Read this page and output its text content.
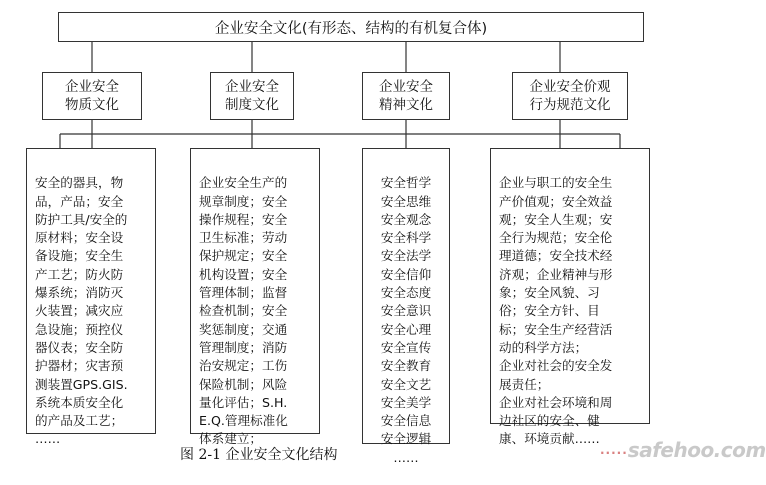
企业安全文化(有形态、结构的有机复合体)
企业安全
物质文化
企业安全
制度文化
企业安全
精神文化
企业安全价观
行为规范文化

安全的器具，物
品，产品；安全
防护工具/安全的
原材料；安全设
备设施；安全生
产工艺；防火防
爆系统；消防灭
火装置；减灾应
急设施；预控仪
器仪表；安全防
护器材；灾害预
测装置GPS.GIS.
系统本质安全化
的产品及工艺；
……

企业安全生产的
规章制度；安全
操作规程；安全
卫生标准；劳动
保护规定；安全
机构设置；安全
管理体制；监督
检查机制；安全
奖惩制度；交通
管理制度；消防
治安规定；工伤
保险机制；风险
量化评估；S.H.
E.Q.管理标准化
体系建立；

安全哲学
安全思维
安全观念
安全科学
安全法学
安全信仰
安全态度
安全意识
安全心理
安全宣传
安全教育
安全文艺
安全美学
安全信息
安全逻辑
……

企业与职工的安全生
产价值观；安全效益
观；安全人生观；安
全行为规范；安全伦
理道德；安全技术经
济观；企业精神与形
象；安全风貌、习
俗；安全方针、目
标；安全生产经营活
动的科学方法；
企业对社会的安全发
展责任；
企业对社会环境和周
边社区的安全、健
康、环境贡献……

图 2-1 企业安全文化结构	·····safehoo.com
